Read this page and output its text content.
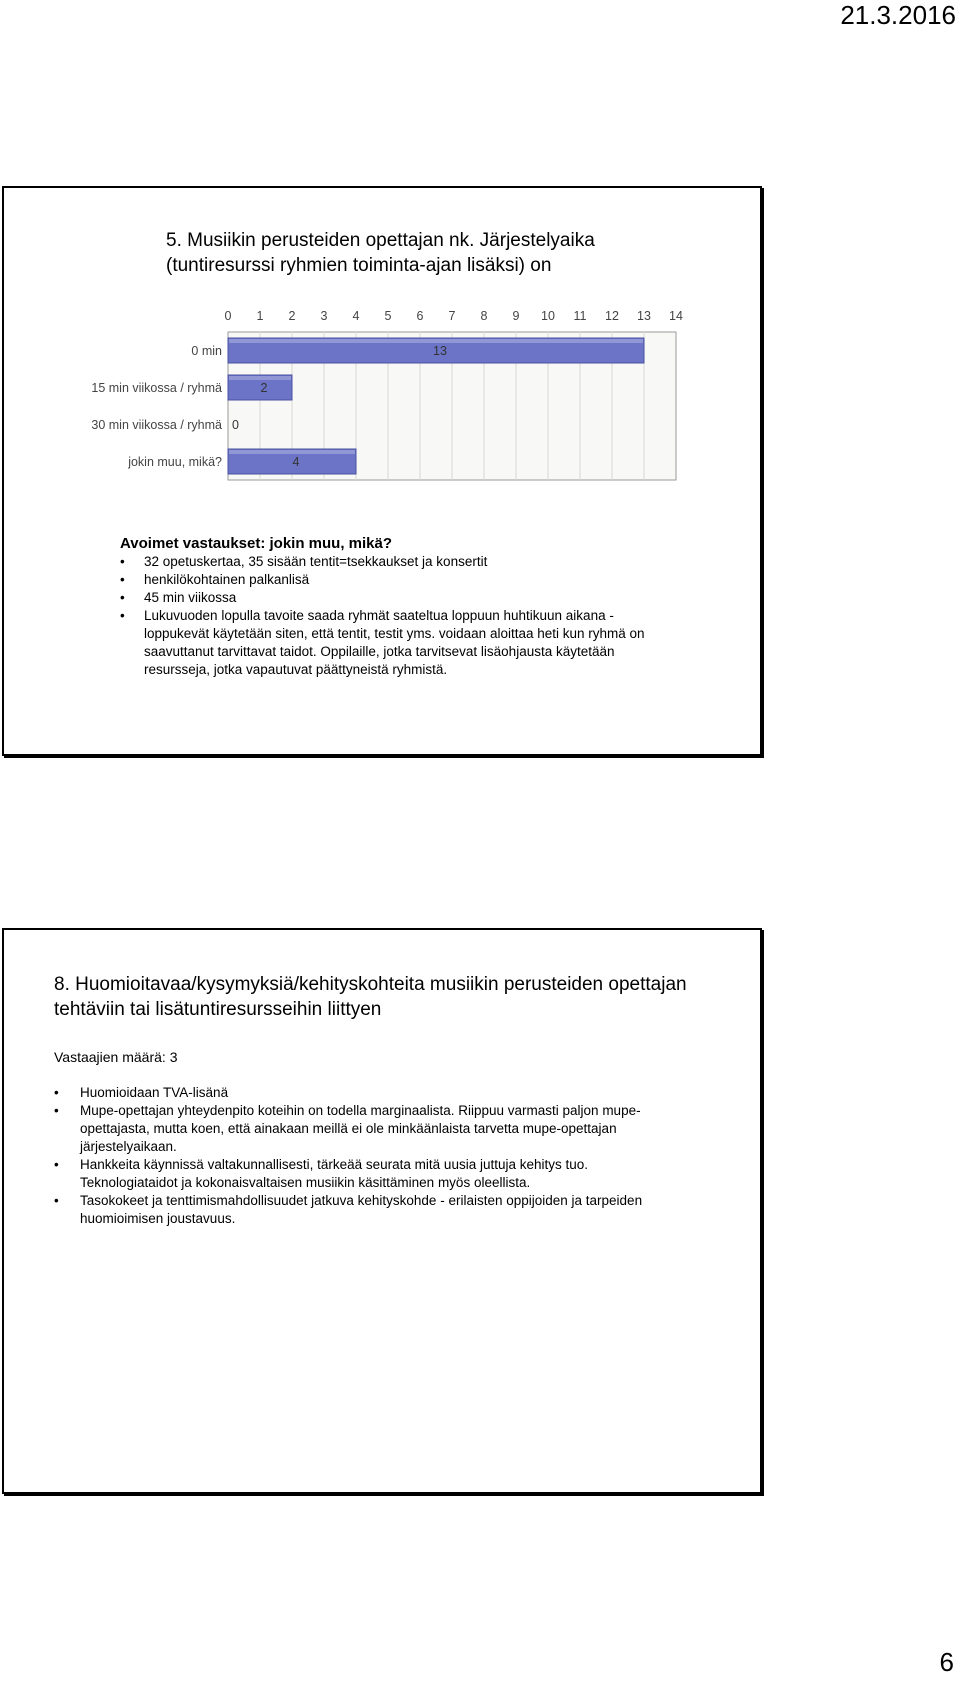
21.3.2016
5. Musiikin perusteiden opettajan nk. Järjestelyaika
(tuntiresurssi ryhmien toiminta-ajan lisäksi) on
0 1 2 3 4 5 6 7 8 9 10 11 12 13 14
0 min	13
15 min viikossa / ryhmä	2
30 min viikossa / ryhmä 0
jokin muu, mikä?	4
Avoimet vastaukset: jokin muu, mikä?
• 32 opetuskertaa, 35 sisään tentit=tsekkaukset ja konsertit
• henkilökohtainen palkanlisä
• 45 min viikossa
• Lukuvuoden lopulla tavoite saada ryhmät saateltua loppuun huhtikuun aikana - loppukevät käytetään siten, että tentit, testit yms. voidaan aloittaa heti kun ryhmä on saavuttanut tarvittavat taidot. Oppilaille, jotka tarvitsevat lisäohjausta käytetään resursseja, jotka vapautuvat päättyneistä ryhmistä.
8. Huomioitavaa/kysymyksiä/kehityskohteita musiikin perusteiden opettajan tehtäviin tai lisätuntiresursseihin liittyen
Vastaajien määrä: 3
• Huomioidaan TVA-lisänä
• Mupe-opettajan yhteydenpito koteihin on todella marginaalista. Riippuu varmasti paljon mupe-opettajasta, mutta koen, että ainakaan meillä ei ole minkäänlaista tarvetta mupe-opettajan järjestelyaikaan.
• Hankkeita käynnissä valtakunnallisesti, tärkeää seurata mitä uusia juttuja kehitys tuo. Teknologiataidot ja kokonaisvaltaisen musiikin käsittäminen myös oleellista.
• Tasokokeet ja tenttimismahdollisuudet jatkuva kehityskohde - erilaisten oppijoiden ja tarpeiden huomioimisen joustavuus.
6
